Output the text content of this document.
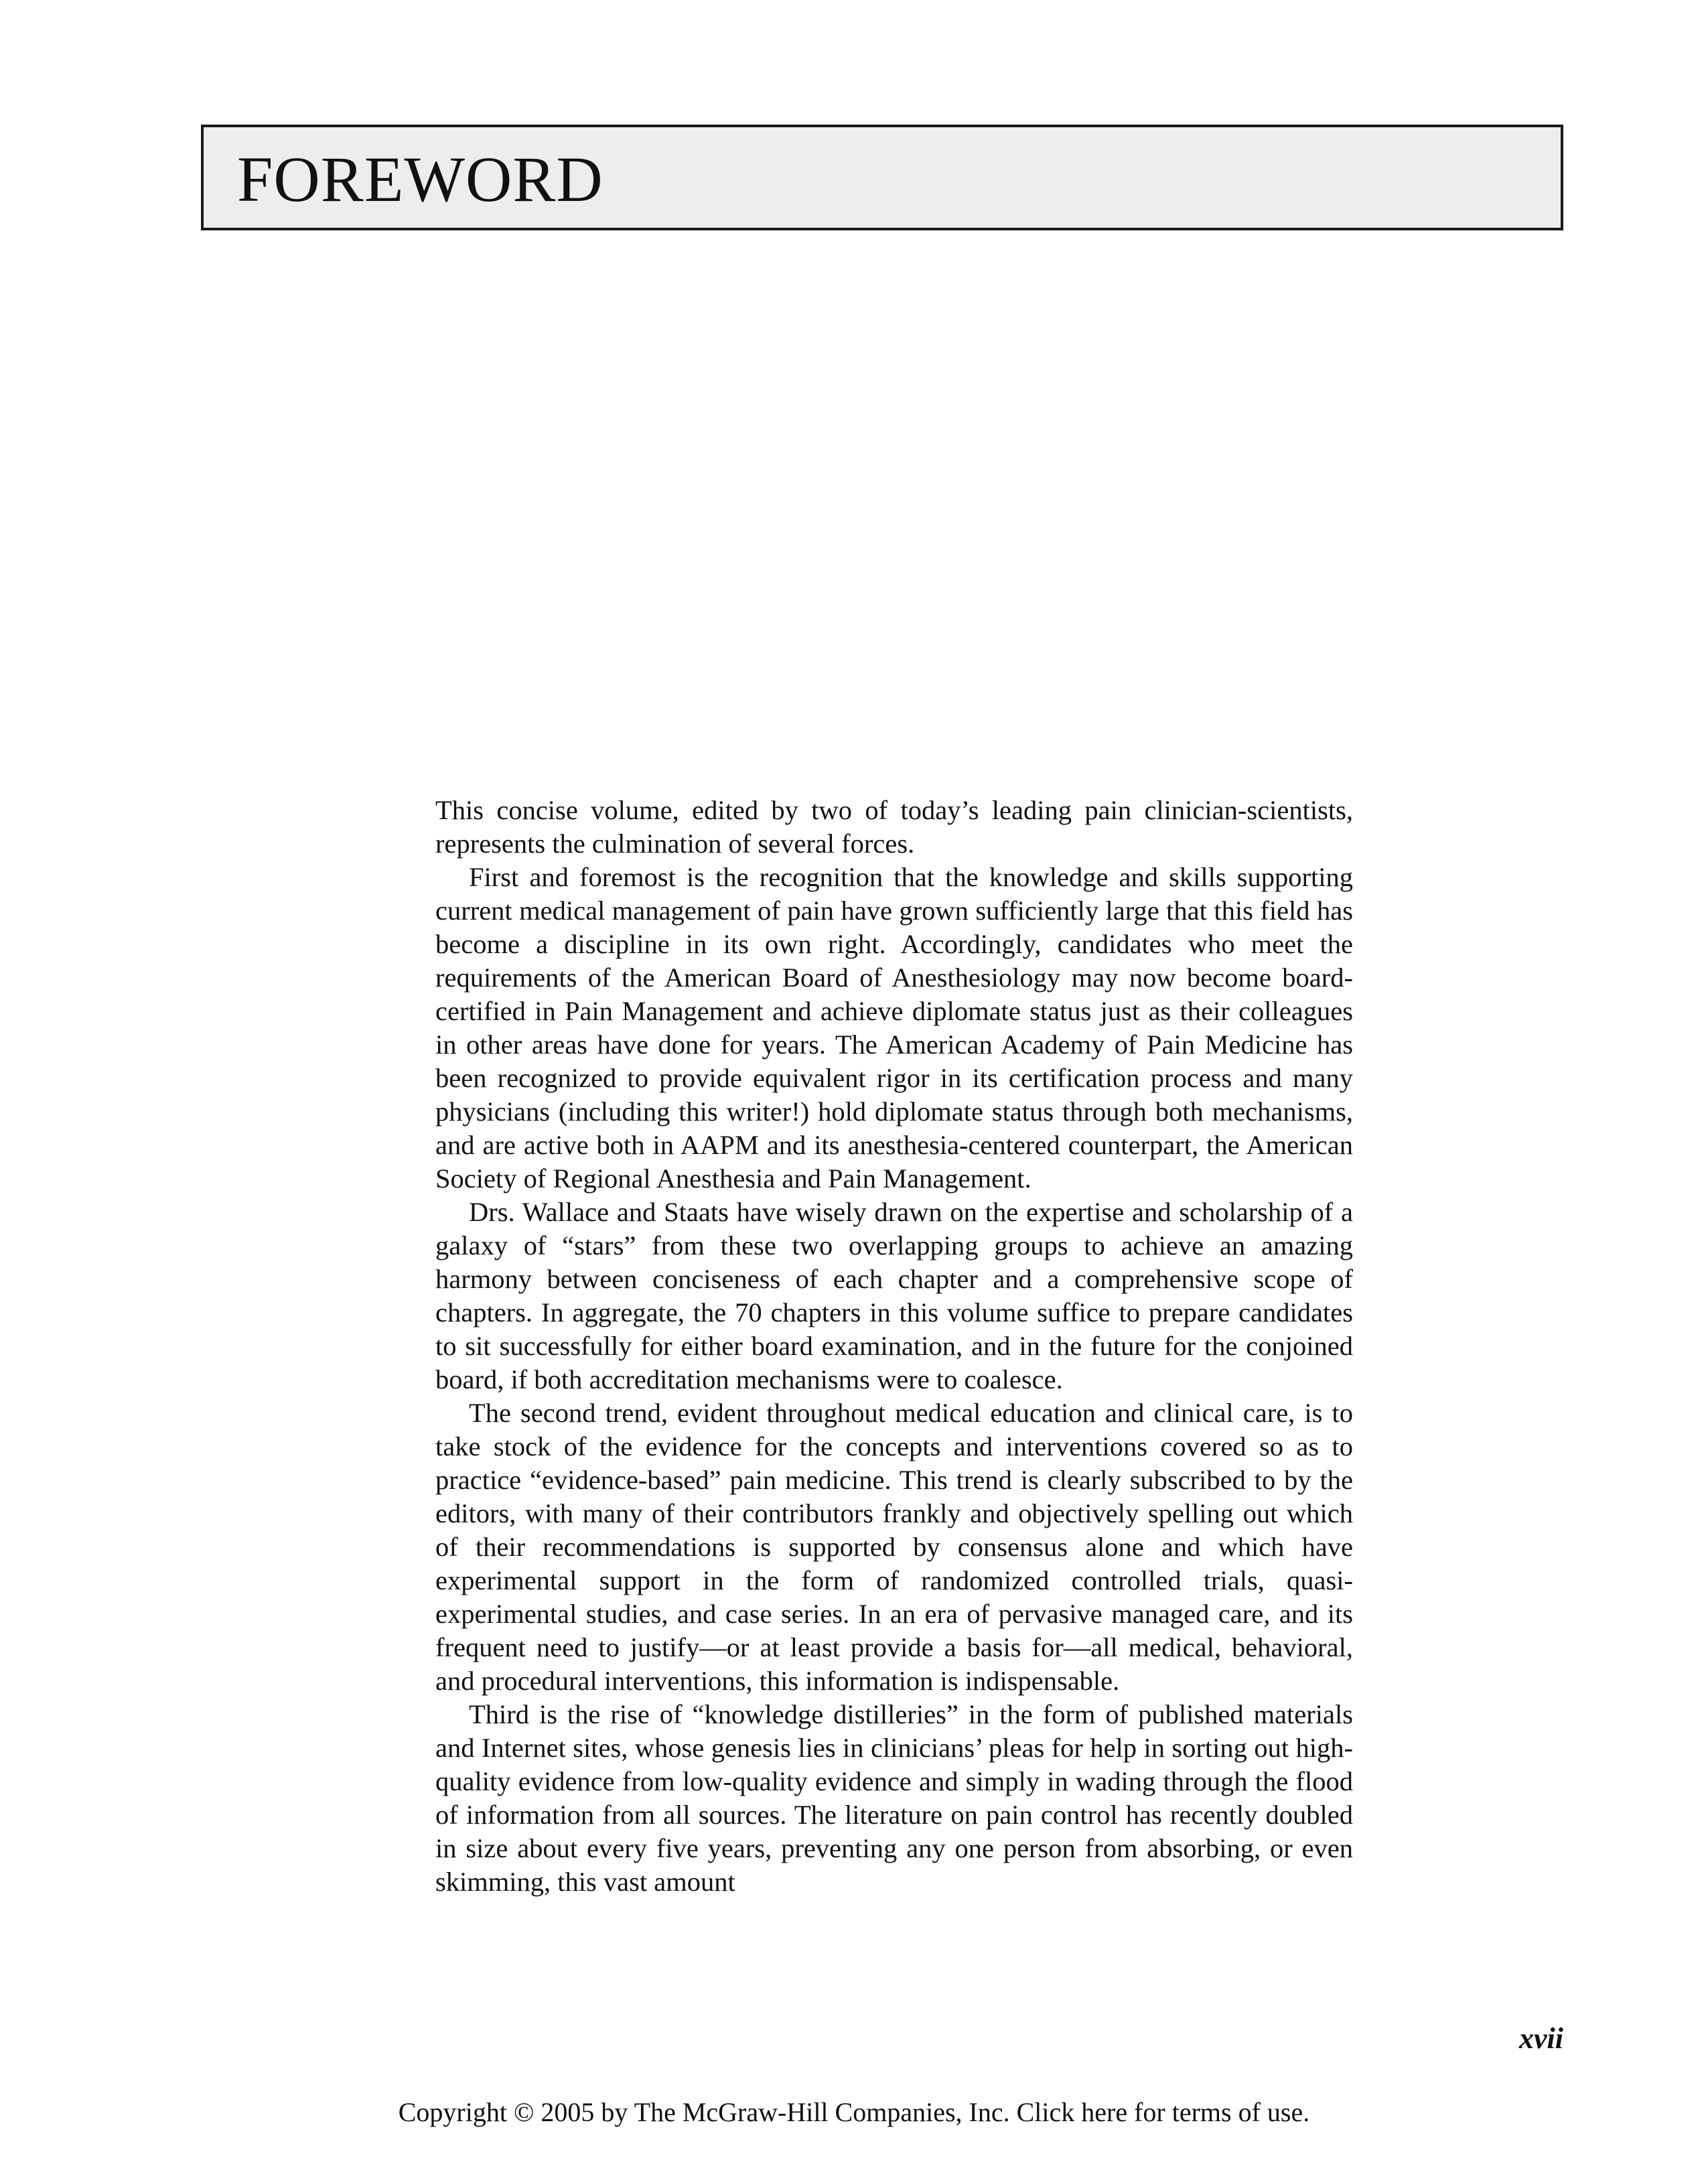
FOREWORD

This concise volume, edited by two of today’s leading pain clinician-scientists, represents the culmination of several forces.

First and foremost is the recognition that the knowledge and skills supporting current medical management of pain have grown sufficiently large that this field has become a discipline in its own right. Accordingly, candidates who meet the requirements of the American Board of Anesthesiology may now become board-certified in Pain Management and achieve diplomate status just as their colleagues in other areas have done for years. The American Academy of Pain Medicine has been recognized to provide equivalent rigor in its certification process and many physicians (including this writer!) hold diplomate status through both mechanisms, and are active both in AAPM and its anesthesia-centered counterpart, the American Society of Regional Anesthesia and Pain Management.

Drs. Wallace and Staats have wisely drawn on the expertise and scholarship of a galaxy of “stars” from these two overlapping groups to achieve an amazing harmony between conciseness of each chapter and a comprehensive scope of chapters. In aggregate, the 70 chapters in this volume suffice to prepare candidates to sit successfully for either board examination, and in the future for the conjoined board, if both accreditation mechanisms were to coalesce.

The second trend, evident throughout medical education and clinical care, is to take stock of the evidence for the concepts and interventions covered so as to practice “evidence-based” pain medicine. This trend is clearly subscribed to by the editors, with many of their contributors frankly and objectively spelling out which of their recommendations is supported by consensus alone and which have experimental support in the form of randomized controlled trials, quasi-experimental studies, and case series. In an era of pervasive managed care, and its frequent need to justify—or at least provide a basis for—all medical, behavioral, and procedural interventions, this information is indispensable.

Third is the rise of “knowledge distilleries” in the form of published materials and Internet sites, whose genesis lies in clinicians’ pleas for help in sorting out high-quality evidence from low-quality evidence and simply in wading through the flood of information from all sources. The literature on pain control has recently doubled in size about every five years, preventing any one person from absorbing, or even skimming, this vast amount

xvii
Copyright © 2005 by The McGraw-Hill Companies, Inc. Click here for terms of use.
